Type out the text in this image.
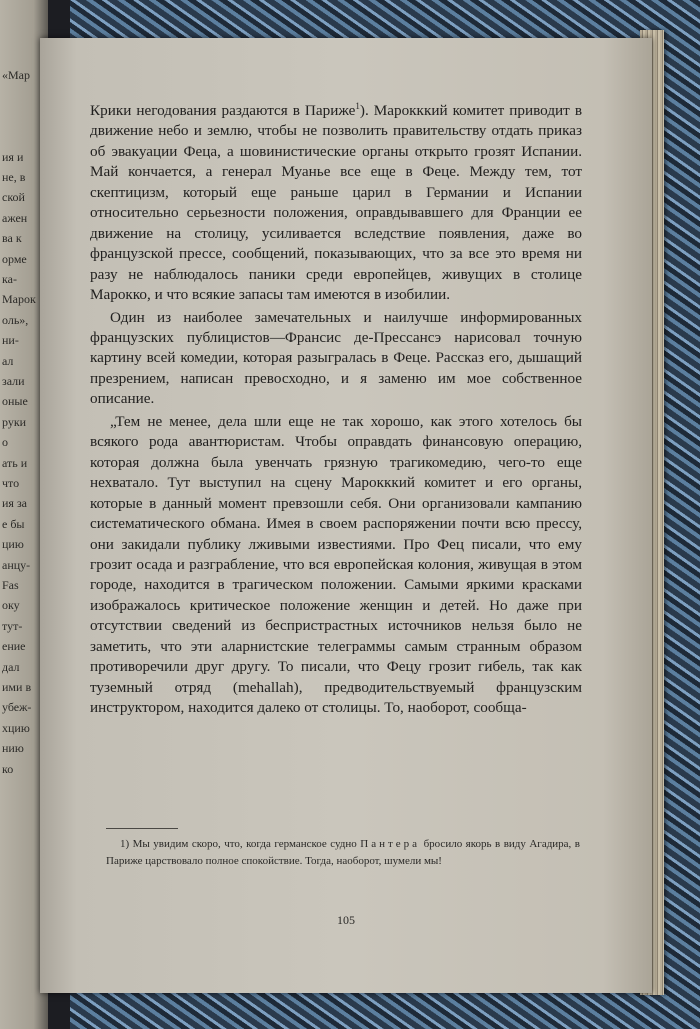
«Мар
ия и
не, в
ской
ажен
ва к
орме
ка-
Марок
оль»,
ни-
ал
зали
оные
руки
о
ать и
что
ия за
е бы
цию
анцу-
Fas
оку
тут-
ение
дал
ими в
убеж-
хцию
нию
ко

Крики негодования раздаются в Париже$^1$). Марокккий комитет приводит в движение небо и землю, чтобы не позволить правительству отдать приказ об эвакуации Феца, а шовинистические органы открыто грозят Испании. Май кончается, а генерал Муанье все еще в Феце. Между тем, тот скептицизм, который еще раньше царил в Германии и Испании относительно серьезности положения, оправдывавшего для Франции ее движение на столицу, усиливается вследствие появления, даже во французской прессе, сообщений, показывающих, что за все это время ни разу не наблюдалось паники среди европейцев, живущих в столице Марокко, и что всякие запасы там имеются в изобилии.

Один из наиболее замечательных и наилучше информированных французских публицистов—Франсис де-Прессансэ нарисовал точную картину всей комедии, которая разыгралась в Феце. Рассказ его, дышащий презрением, написан превосходно, и я заменю им мое собственное описание.

„Тем не менее, дела шли еще не так хорошо, как этого хотелось бы всякого рода авантюристам. Чтобы оправдать финансовую операцию, которая должна была увенчать грязную трагикомедию, чего-то еще нехватало. Тут выступил на сцену Марокккий комитет и его органы, которые в данный момент превзошли себя. Они организовали кампанию систематического обмана. Имея в своем распоряжении почти всю прессу, они закидали публику лживыми известиями. Про Фец писали, что ему грозит осада и разграбление, что вся европейская колония, живущая в этом городе, находится в трагическом положении. Самыми яркими красками изображалось критическое положение женщин и детей. Но даже при отсутствии сведений из беспристрастных источников нельзя было не заметить, что эти аларнистские телеграммы самым странным образом противоречили друг другу. То писали, что Фецу грозит гибель, так как туземный отряд (mehallah), предводительствуемый французским инструктором, находится далеко от столицы. То, наоборот, сообща-

1) Мы увидим скоро, что, когда германское судно Пантера бросило якорь в виду Агадира, в Париже царствовало полное спокойствие. Тогда, наоборот, шумели мы!

105
